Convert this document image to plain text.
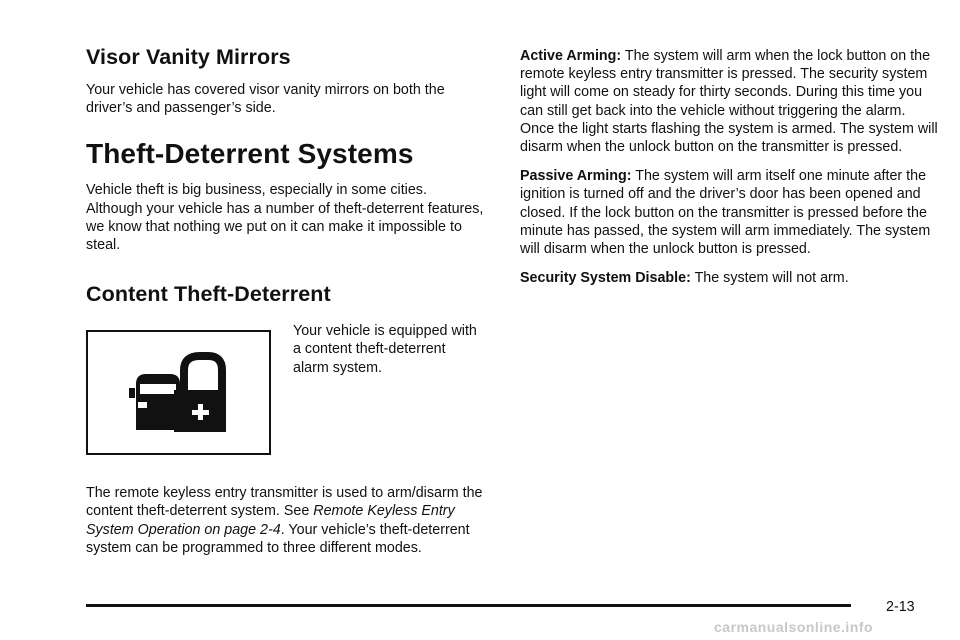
Visor Vanity Mirrors

Your vehicle has covered visor vanity mirrors on both the driver’s and passenger’s side.

Theft-Deterrent Systems

Vehicle theft is big business, especially in some cities. Although your vehicle has a number of theft-deterrent features, we know that nothing we put on it can make it impossible to steal.

Content Theft-Deterrent

Your vehicle is equipped with a content theft-deterrent alarm system.

The remote keyless entry transmitter is used to arm/disarm the content theft-deterrent system. See Remote Keyless Entry System Operation on page 2-4. Your vehicle’s theft-deterrent system can be programmed to three different modes.

Active Arming: The system will arm when the lock button on the remote keyless entry transmitter is pressed. The security system light will come on steady for thirty seconds. During this time you can still get back into the vehicle without triggering the alarm. Once the light starts flashing the system is armed. The system will disarm when the unlock button on the transmitter is pressed.

Passive Arming: The system will arm itself one minute after the ignition is turned off and the driver’s door has been opened and closed. If the lock button on the transmitter is pressed before the minute has passed, the system will arm immediately. The system will disarm when the unlock button is pressed.

Security System Disable: The system will not arm.

2-13
carmanualsonline.info
